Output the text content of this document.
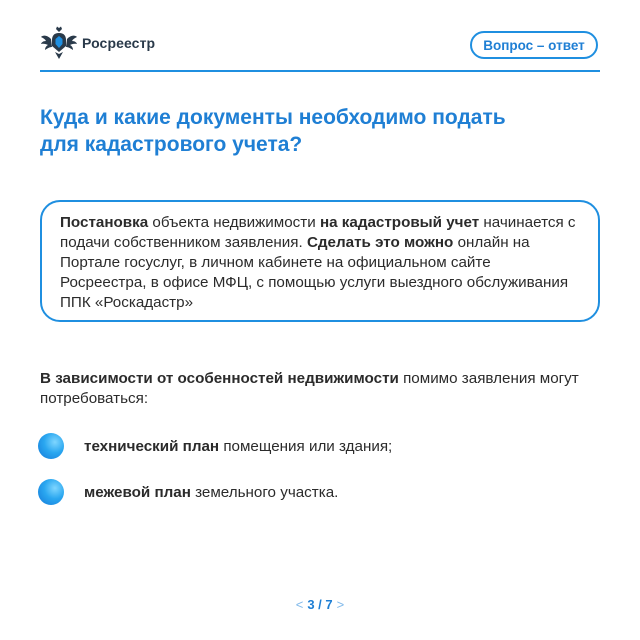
Росреестр	Вопрос – ответ
Куда и какие документы необходимо подать
для кадастрового учета?

Постановка объекта недвижимости на кадастровый учет начинается с подачи собственником заявления. Сделать это можно онлайн на Портале госуслуг, в личном кабинете на официальном сайте Росреестра, в офисе МФЦ, с помощью услуги выездного обслуживания ППК «Роскадастр»

В зависимости от особенностей недвижимости помимо заявления могут потребоваться:

технический план помещения или здания;
межевой план земельного участка.
< 3 / 7 >
